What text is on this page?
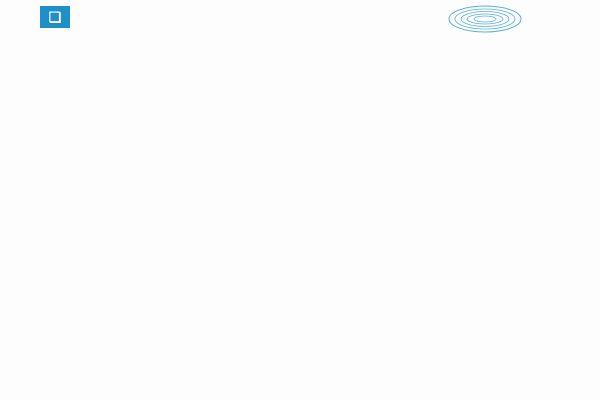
❏
